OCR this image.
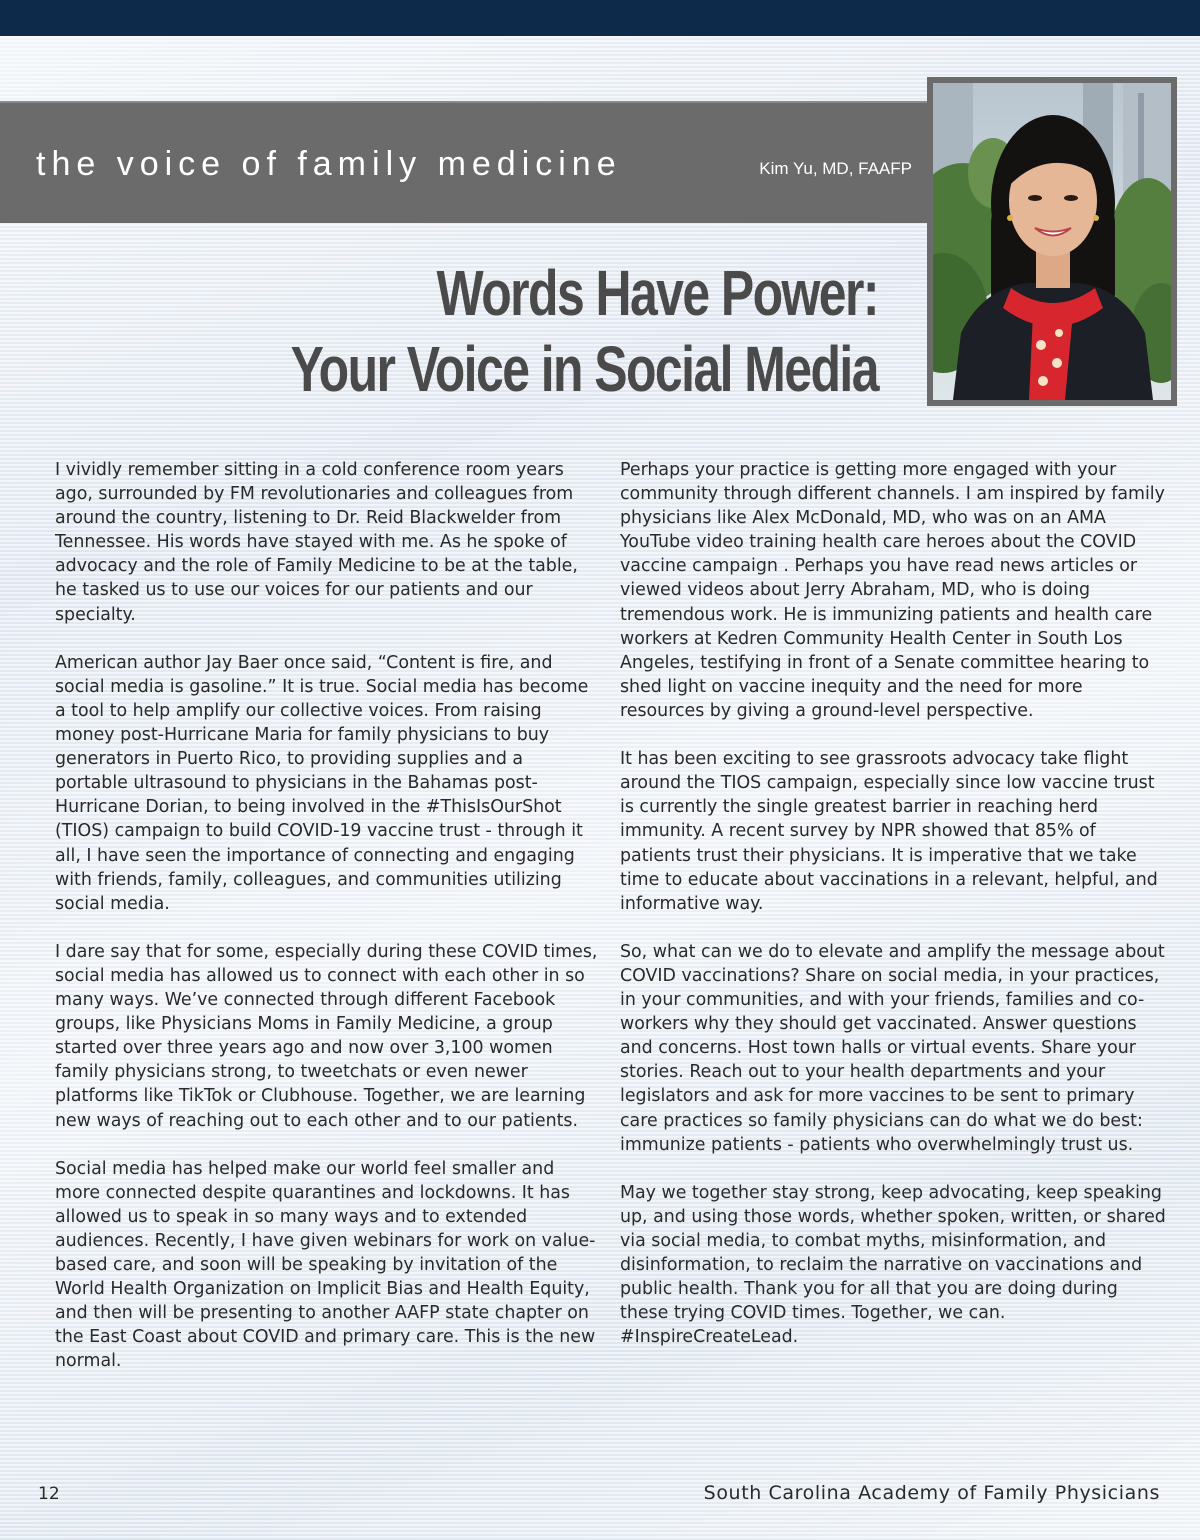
the voice of family medicine	Kim Yu, MD, FAAFP
Words Have Power:
Your Voice in Social Media

I vividly remember sitting in a cold conference room years ago, surrounded by FM revolutionaries and colleagues from around the country, listening to Dr. Reid Blackwelder from Tennessee. His words have stayed with me. As he spoke of advocacy and the role of Family Medicine to be at the table, he tasked us to use our voices for our patients and our specialty.

American author Jay Baer once said, “Content is fire, and social media is gasoline.” It is true. Social media has become a tool to help amplify our collective voices. From raising money post-Hurricane Maria for family physicians to buy generators in Puerto Rico, to providing supplies and a portable ultrasound to physicians in the Bahamas post-Hurricane Dorian, to being involved in the #ThisIsOurShot (TIOS) campaign to build COVID-19 vaccine trust - through it all, I have seen the importance of connecting and engaging with friends, family, colleagues, and communities utilizing social media.

I dare say that for some, especially during these COVID times, social media has allowed us to connect with each other in so many ways. We’ve connected through different Facebook groups, like Physicians Moms in Family Medicine, a group started over three years ago and now over 3,100 women family physicians strong, to tweetchats or even newer platforms like TikTok or Clubhouse. Together, we are learning new ways of reaching out to each other and to our patients.

Social media has helped make our world feel smaller and more connected despite quarantines and lockdowns. It has allowed us to speak in so many ways and to extended audiences. Recently, I have given webinars for work on value-based care, and soon will be speaking by invitation of the World Health Organization on Implicit Bias and Health Equity, and then will be presenting to another AAFP state chapter on the East Coast about COVID and primary care. This is the new normal.

Perhaps your practice is getting more engaged with your community through different channels. I am inspired by family physicians like Alex McDonald, MD, who was on an AMA YouTube video training health care heroes about the COVID vaccine campaign . Perhaps you have read news articles or viewed videos about Jerry Abraham, MD, who is doing tremendous work. He is immunizing patients and health care workers at Kedren Community Health Center in South Los Angeles, testifying in front of a Senate committee hearing to shed light on vaccine inequity and the need for more resources by giving a ground-level perspective.

It has been exciting to see grassroots advocacy take flight around the TIOS campaign, especially since low vaccine trust is currently the single greatest barrier in reaching herd immunity. A recent survey by NPR showed that 85% of patients trust their physicians. It is imperative that we take time to educate about vaccinations in a relevant, helpful, and informative way.

So, what can we do to elevate and amplify the message about COVID vaccinations? Share on social media, in your practices, in your communities, and with your friends, families and co-workers why they should get vaccinated. Answer questions and concerns. Host town halls or virtual events. Share your stories. Reach out to your health departments and your legislators and ask for more vaccines to be sent to primary care practices so family physicians can do what we do best: immunize patients - patients who overwhelmingly trust us.

May we together stay strong, keep advocating, keep speaking up, and using those words, whether spoken, written, or shared via social media, to combat myths, misinformation, and disinformation, to reclaim the narrative on vaccinations and public health. Thank you for all that you are doing during these trying COVID times. Together, we can. #InspireCreateLead.

12	South Carolina Academy of Family Physicians
